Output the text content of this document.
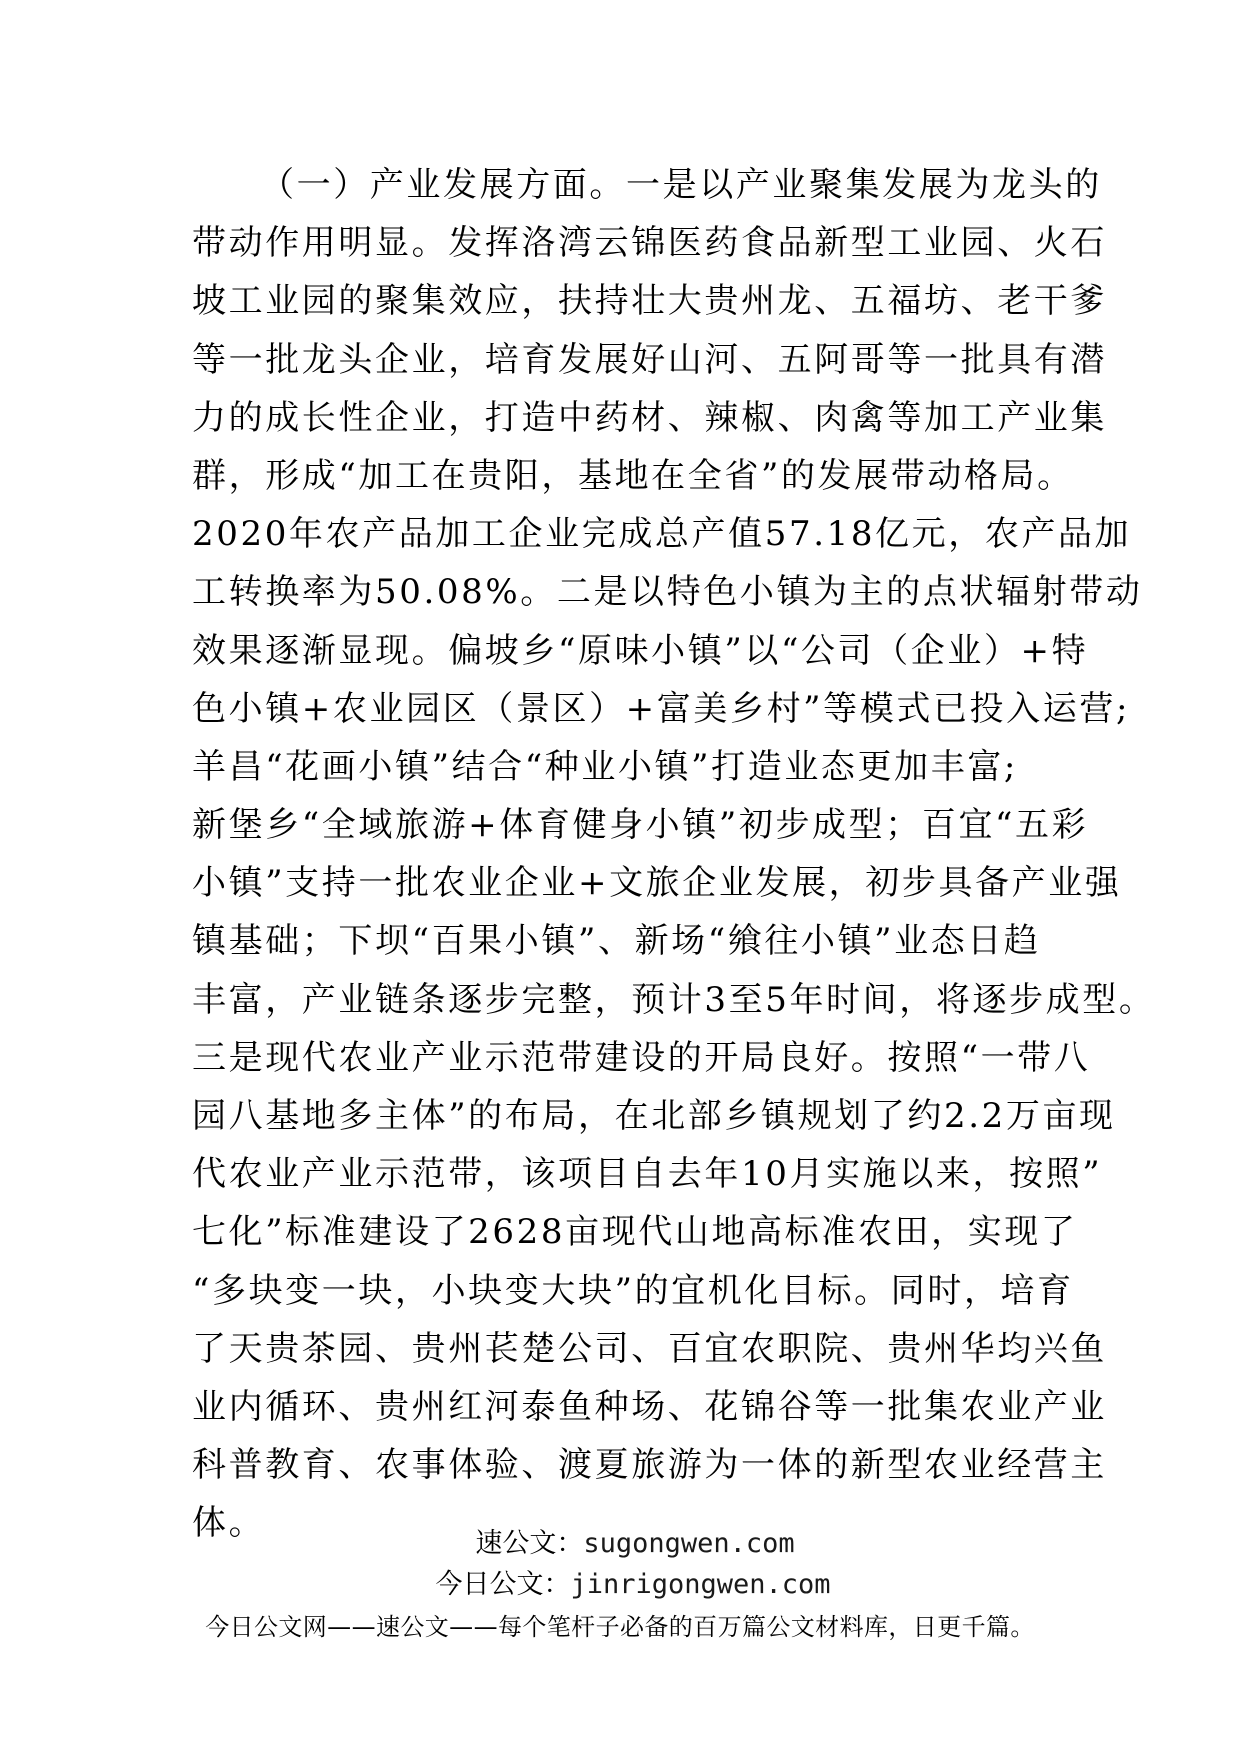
（一）产业发展方面。一是以产业聚集发展为龙头的
带动作用明显。发挥洛湾云锦医药食品新型工业园、火石
坡工业园的聚集效应，扶持壮大贵州龙、五福坊、老干爹
等一批龙头企业，培育发展好山河、五阿哥等一批具有潜
力的成长性企业，打造中药材、辣椒、肉禽等加工产业集
群，形成“加工在贵阳，基地在全省”的发展带动格局。
2020年农产品加工企业完成总产值57.18亿元，农产品加
工转换率为50.08%。二是以特色小镇为主的点状辐射带动
效果逐渐显现。偏坡乡“原味小镇”以“公司（企业）+特
色小镇+农业园区（景区）+富美乡村”等模式已投入运营;
羊昌“花画小镇”结合“种业小镇”打造业态更加丰富;
新堡乡“全域旅游+体育健身小镇”初步成型；百宜“五彩
小镇”支持一批农业企业+文旅企业发展，初步具备产业强
镇基础；下坝“百果小镇”、新场“飨往小镇”业态日趋
丰富，产业链条逐步完整，预计3至5年时间，将逐步成型。
三是现代农业产业示范带建设的开局良好。按照“一带八
园八基地多主体”的布局，在北部乡镇规划了约2.2万亩现
代农业产业示范带，该项目自去年10月实施以来，按照”
七化”标准建设了2628亩现代山地高标准农田，实现了
“多块变一块，小块变大块”的宜机化目标。同时，培育
了天贵茶园、贵州苌楚公司、百宜农职院、贵州华均兴鱼
业内循环、贵州红河泰鱼种场、花锦谷等一批集农业产业
科普教育、农事体验、渡夏旅游为一体的新型农业经营主
体。
速公文：sugongwen.com
今日公文：jinrigongwen.com
今日公文网——速公文——每个笔杆子必备的百万篇公文材料库，日更千篇。
